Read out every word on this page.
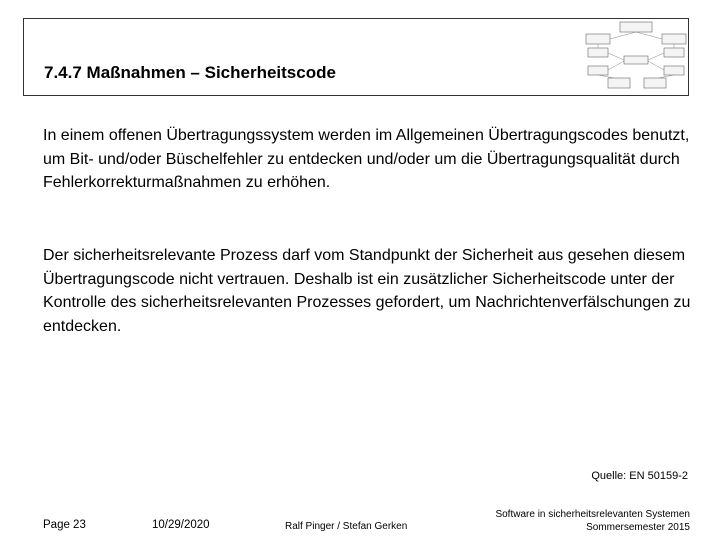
7.4.7 Maßnahmen – Sicherheitscode
In einem offenen Übertragungssystem werden im Allgemeinen Übertragungscodes benutzt, um Bit- und/oder Büschelfehler zu entdecken und/oder um die Übertragungsqualität durch Fehlerkorrekturmaßnahmen zu erhöhen.
Der sicherheitsrelevante Prozess darf vom Standpunkt der Sicherheit aus gesehen diesem Übertragungscode nicht vertrauen. Deshalb ist ein zusätzlicher Sicherheitscode unter der Kontrolle des sicherheitsrelevanten Prozesses gefordert, um Nachrichtenverfälschungen zu entdecken.
Quelle: EN 50159-2
Page 23	10/29/2020	Ralf Pinger / Stefan Gerken
Software in sicherheitsrelevanten Systemen
Sommersemester 2015
